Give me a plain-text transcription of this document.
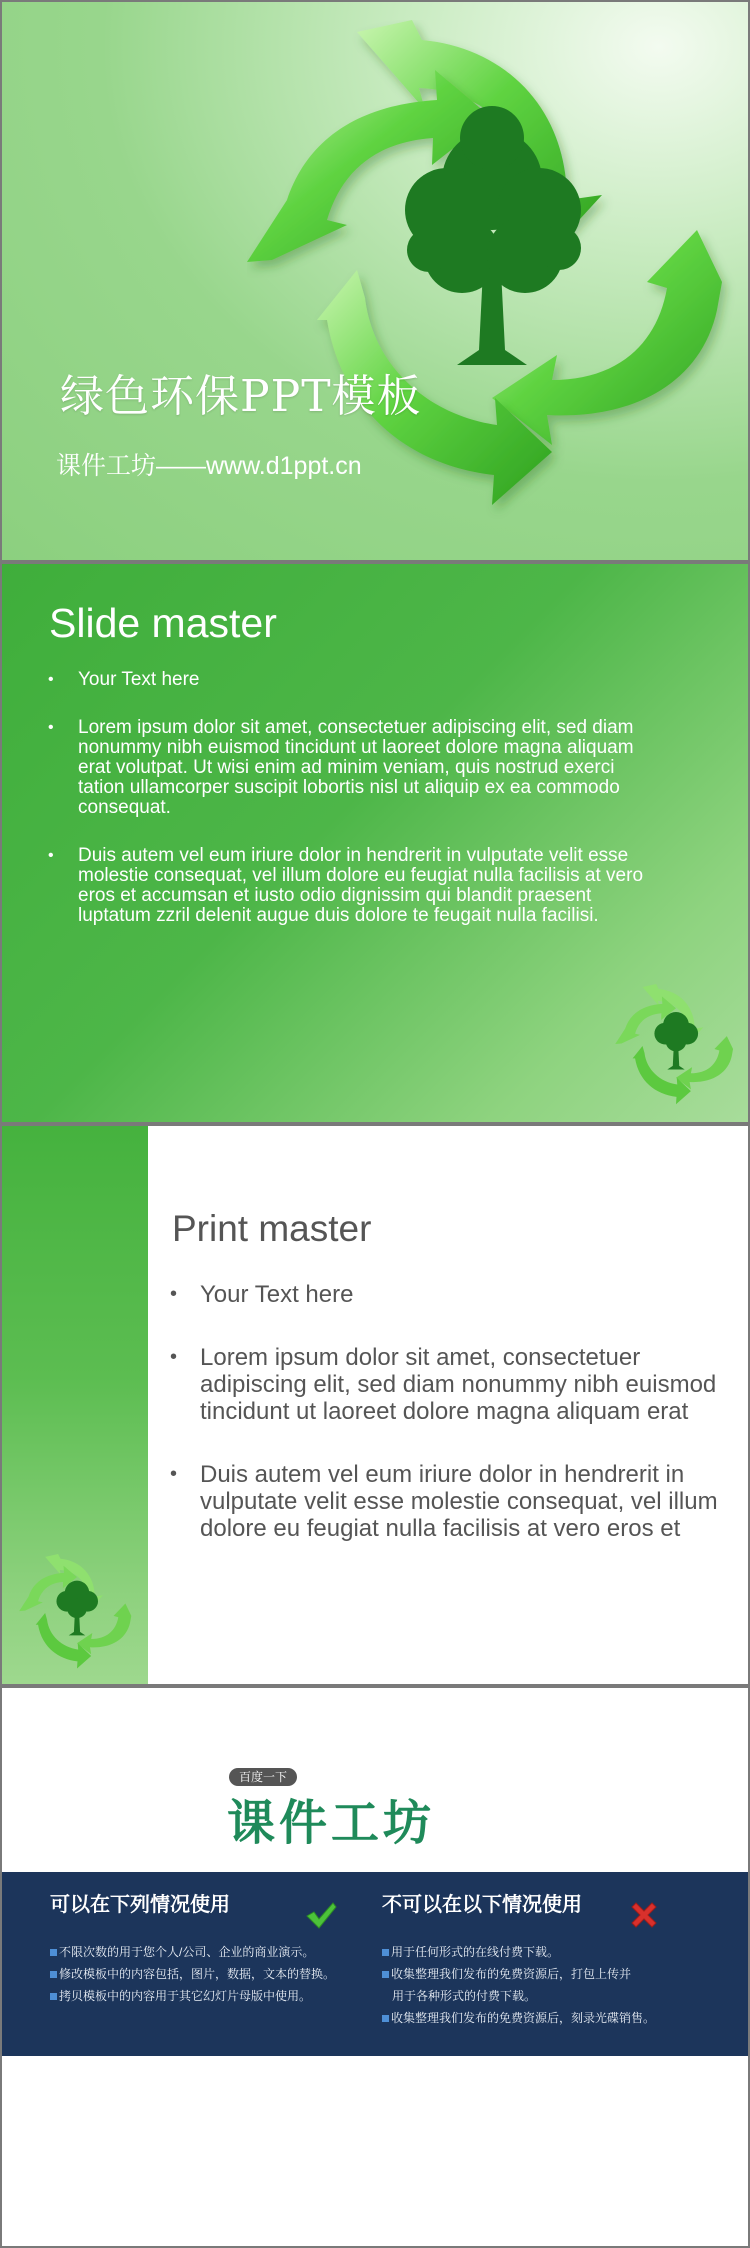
绿色环保PPT模板
课件工坊——www.d1ppt.cn
Slide master
• Your Text here
• Lorem ipsum dolor sit amet, consectetuer adipiscing elit, sed diam nonummy nibh euismod tincidunt ut laoreet dolore magna aliquam erat volutpat. Ut wisi enim ad minim veniam, quis nostrud exerci tation ullamcorper suscipit lobortis nisl ut aliquip ex ea commodo consequat.
• Duis autem vel eum iriure dolor in hendrerit in vulputate velit esse molestie consequat, vel illum dolore eu feugiat nulla facilisis at vero eros et accumsan et iusto odio dignissim qui blandit praesent luptatum zzril delenit augue duis dolore te feugait nulla facilisi.
Print master
• Your Text here
• Lorem ipsum dolor sit amet, consectetuer adipiscing elit, sed diam nonummy nibh euismod tincidunt ut laoreet dolore magna aliquam erat
• Duis autem vel eum iriure dolor in hendrerit in vulputate velit esse molestie consequat, vel illum dolore eu feugiat nulla facilisis at vero eros et
百度一下
课件工坊
可以在下列情况使用
不限次数的用于您个人/公司、企业的商业演示。
修改模板中的内容包括，图片，数据，文本的替换。
拷贝模板中的内容用于其它幻灯片母版中使用。
不可以在以下情况使用
用于任何形式的在线付费下载。
收集整理我们发布的免费资源后，打包上传并
用于各种形式的付费下载。
收集整理我们发布的免费资源后，刻录光碟销售。
